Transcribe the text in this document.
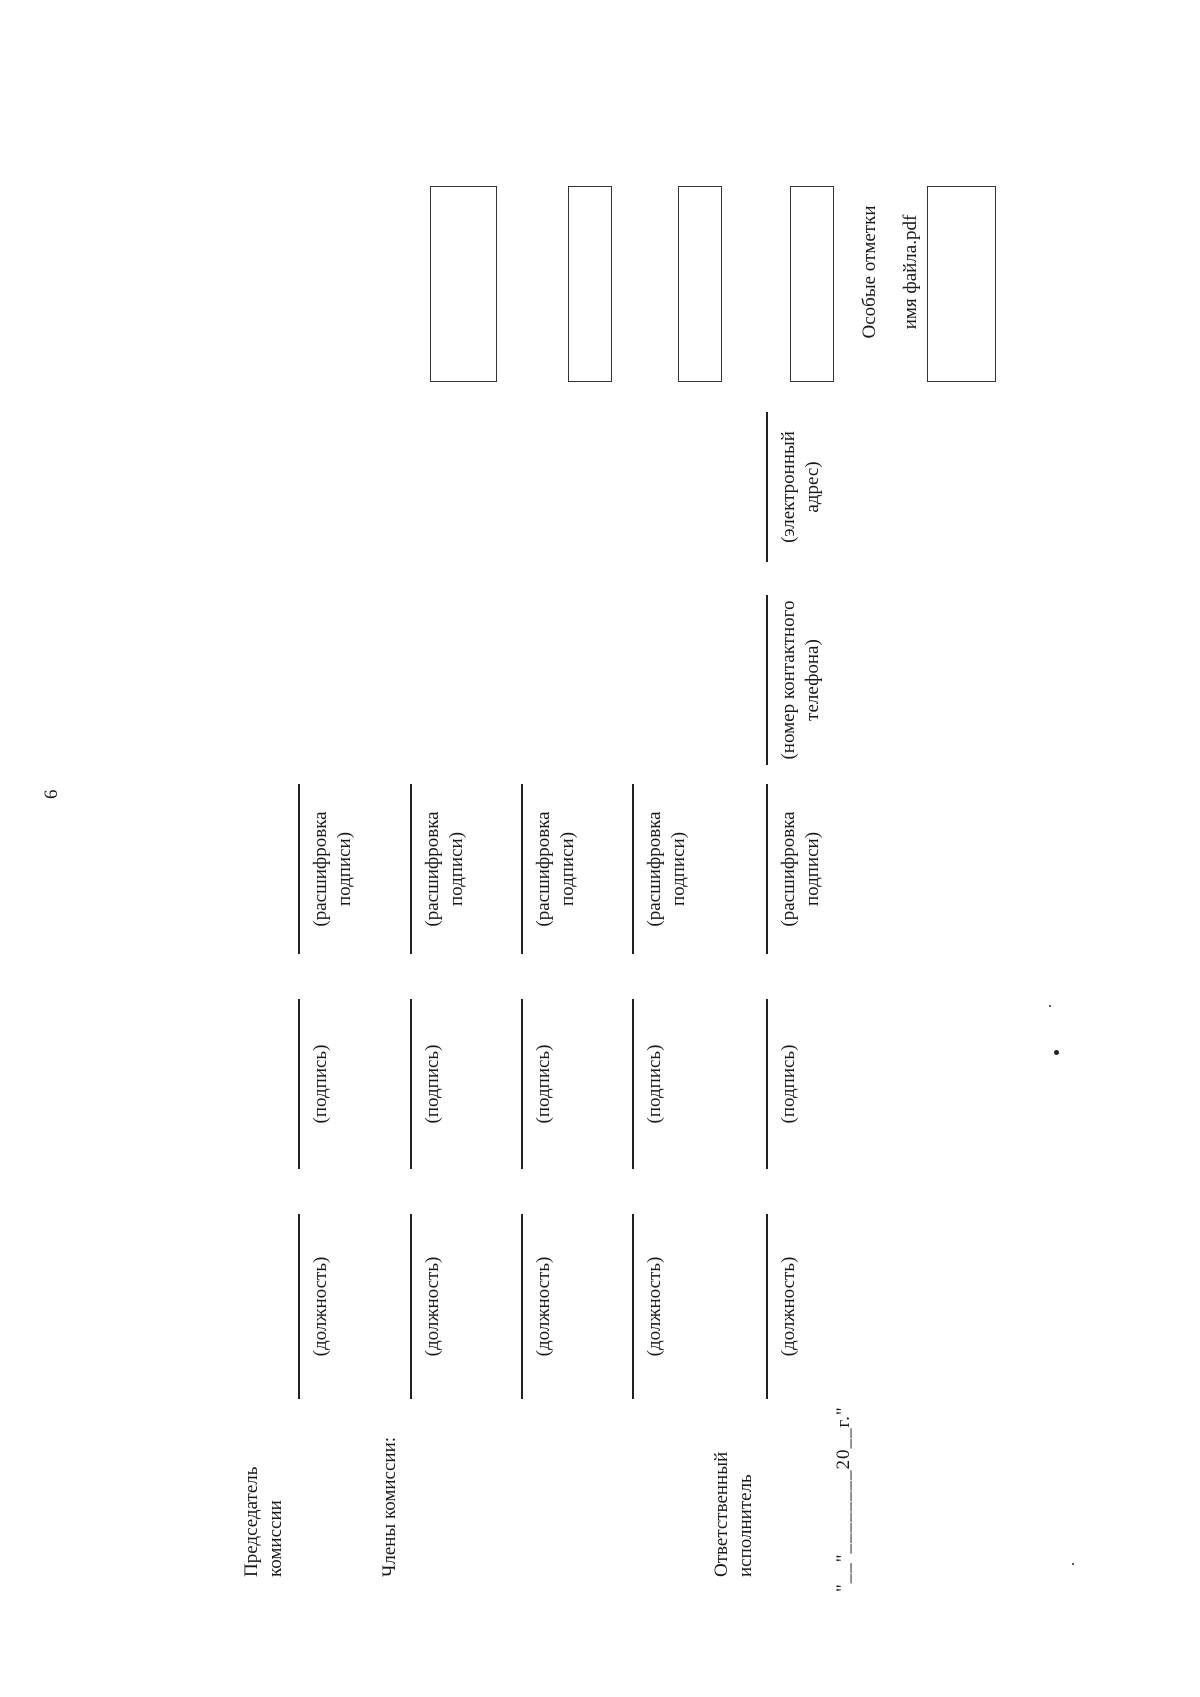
6
Председатель комиссии	Члены комиссии:	Ответственный исполнитель
(должность)
(подпись)
(расшифровка подписи)
(должность)
(подпись)
(расшифровка подписи)
(должность)
(подпись)
(расшифровка подписи)
(должность)
(подпись)
(расшифровка подписи)
(должность)
(подпись)
(расшифровка подписи)
(номер контактного телефона)
(электронный адрес)
"__"________20__г."
Особые отметки имя файла.pdf
